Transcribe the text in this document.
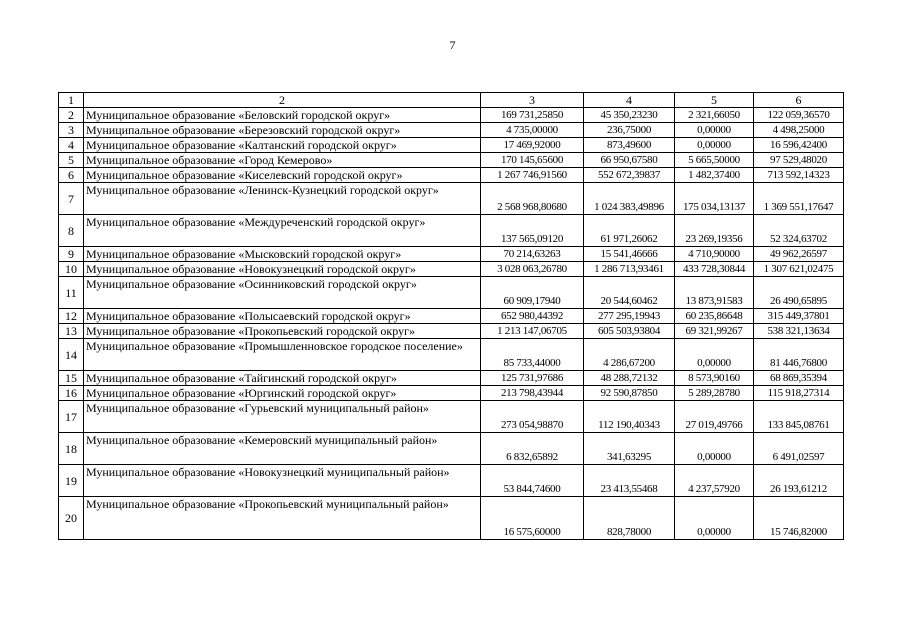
7
1	2	3	4	5	6
2	Муниципальное образование «Беловский городской округ»	169 731,25850	45 350,23230	2 321,66050	122 059,36570
3	Муниципальное образование «Березовский городской округ»	4 735,00000	236,75000	0,00000	4 498,25000
4	Муниципальное образование «Калтанский городской округ»	17 469,92000	873,49600	0,00000	16 596,42400
5	Муниципальное образование «Город Кемерово»	170 145,65600	66 950,67580	5 665,50000	97 529,48020
6	Муниципальное образование «Киселевский городской округ»	1 267 746,91560	552 672,39837	1 482,37400	713 592,14323
7	Муниципальное образование «Ленинск-Кузнецкий городской округ»	2 568 968,80680	1 024 383,49896	175 034,13137	1 369 551,17647
8	Муниципальное образование «Междуреченский городской округ»	137 565,09120	61 971,26062	23 269,19356	52 324,63702
9	Муниципальное образование «Мысковский городской округ»	70 214,63263	15 541,46666	4 710,90000	49 962,26597
10	Муниципальное образование «Новокузнецкий городской округ»	3 028 063,26780	1 286 713,93461	433 728,30844	1 307 621,02475
11	Муниципальное образование «Осинниковский городской округ»	60 909,17940	20 544,60462	13 873,91583	26 490,65895
12	Муниципальное образование «Полысаевский городской округ»	652 980,44392	277 295,19943	60 235,86648	315 449,37801
13	Муниципальное образование «Прокопьевский городской округ»	1 213 147,06705	605 503,93804	69 321,99267	538 321,13634
14	Муниципальное образование «Промышленновское городское поселение»	85 733,44000	4 286,67200	0,00000	81 446,76800
15	Муниципальное образование «Тайгинский городской округ»	125 731,97686	48 288,72132	8 573,90160	68 869,35394
16	Муниципальное образование «Юргинский городской округ»	213 798,43944	92 590,87850	5 289,28780	115 918,27314
17	Муниципальное образование «Гурьевский муниципальный район»	273 054,98870	112 190,40343	27 019,49766	133 845,08761
18	Муниципальное образование «Кемеровский муниципальный район»	6 832,65892	341,63295	0,00000	6 491,02597
19	Муниципальное образование «Новокузнецкий муниципальный район»	53 844,74600	23 413,55468	4 237,57920	26 193,61212
20	Муниципальное образование «Прокопьевский муниципальный район»	16 575,60000	828,78000	0,00000	15 746,82000
